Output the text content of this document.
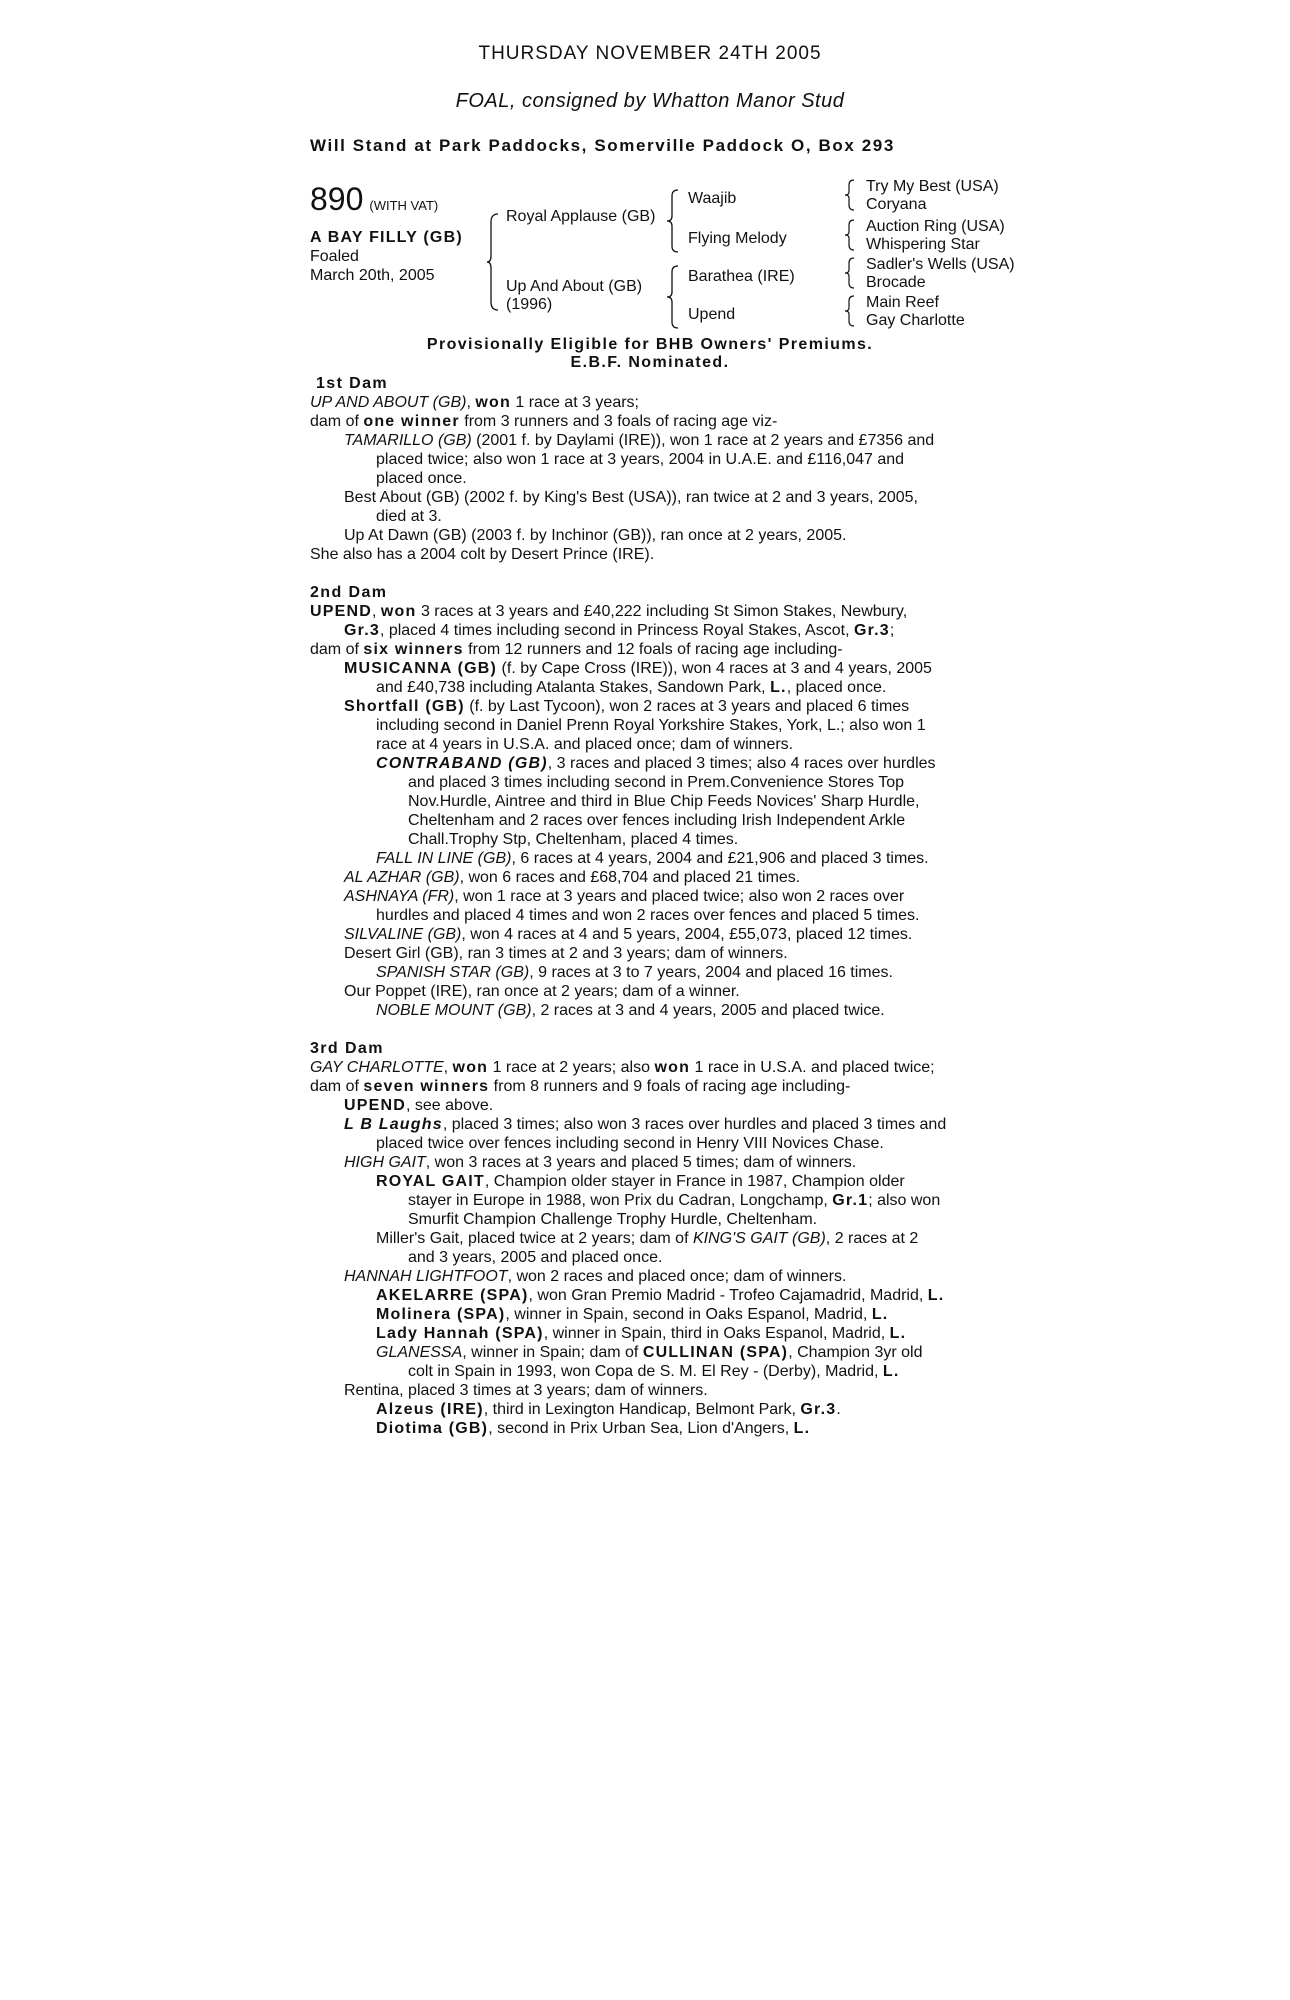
THURSDAY NOVEMBER 24TH 2005
FOAL, consigned by Whatton Manor Stud
Will Stand at Park Paddocks, Somerville Paddock O, Box 293
890 (WITH VAT)
A BAY FILLY (GB)
Foaled
March 20th, 2005
Royal Applause (GB)
Up And About (GB)
(1996)
Waajib
Flying Melody
Barathea (IRE)
Upend
Try My Best (USA)
Coryana
Auction Ring (USA)
Whispering Star
Sadler's Wells (USA)
Brocade
Main Reef
Gay Charlotte
Provisionally Eligible for BHB Owners' Premiums.
E.B.F. Nominated.
1st Dam
UP AND ABOUT (GB), won 1 race at 3 years;
dam of one winner from 3 runners and 3 foals of racing age viz-
TAMARILLO (GB) (2001 f. by Daylami (IRE)), won 1 race at 2 years and £7356 and
placed twice; also won 1 race at 3 years, 2004 in U.A.E. and £116,047 and
placed once.
Best About (GB) (2002 f. by King's Best (USA)), ran twice at 2 and 3 years, 2005,
died at 3.
Up At Dawn (GB) (2003 f. by Inchinor (GB)), ran once at 2 years, 2005.
She also has a 2004 colt by Desert Prince (IRE).
2nd Dam
UPEND, won 3 races at 3 years and £40,222 including St Simon Stakes, Newbury,
Gr.3, placed 4 times including second in Princess Royal Stakes, Ascot, Gr.3;
dam of six winners from 12 runners and 12 foals of racing age including-
MUSICANNA (GB) (f. by Cape Cross (IRE)), won 4 races at 3 and 4 years, 2005
and £40,738 including Atalanta Stakes, Sandown Park, L., placed once.
Shortfall (GB) (f. by Last Tycoon), won 2 races at 3 years and placed 6 times
including second in Daniel Prenn Royal Yorkshire Stakes, York, L.; also won 1
race at 4 years in U.S.A. and placed once; dam of winners.
CONTRABAND (GB), 3 races and placed 3 times; also 4 races over hurdles
and placed 3 times including second in Prem.Convenience Stores Top
Nov.Hurdle, Aintree and third in Blue Chip Feeds Novices' Sharp Hurdle,
Cheltenham and 2 races over fences including Irish Independent Arkle
Chall.Trophy Stp, Cheltenham, placed 4 times.
FALL IN LINE (GB), 6 races at 4 years, 2004 and £21,906 and placed 3 times.
AL AZHAR (GB), won 6 races and £68,704 and placed 21 times.
ASHNAYA (FR), won 1 race at 3 years and placed twice; also won 2 races over
hurdles and placed 4 times and won 2 races over fences and placed 5 times.
SILVALINE (GB), won 4 races at 4 and 5 years, 2004, £55,073, placed 12 times.
Desert Girl (GB), ran 3 times at 2 and 3 years; dam of winners.
SPANISH STAR (GB), 9 races at 3 to 7 years, 2004 and placed 16 times.
Our Poppet (IRE), ran once at 2 years; dam of a winner.
NOBLE MOUNT (GB), 2 races at 3 and 4 years, 2005 and placed twice.
3rd Dam
GAY CHARLOTTE, won 1 race at 2 years; also won 1 race in U.S.A. and placed twice;
dam of seven winners from 8 runners and 9 foals of racing age including-
UPEND, see above.
L B Laughs, placed 3 times; also won 3 races over hurdles and placed 3 times and
placed twice over fences including second in Henry VIII Novices Chase.
HIGH GAIT, won 3 races at 3 years and placed 5 times; dam of winners.
ROYAL GAIT, Champion older stayer in France in 1987, Champion older
stayer in Europe in 1988, won Prix du Cadran, Longchamp, Gr.1; also won
Smurfit Champion Challenge Trophy Hurdle, Cheltenham.
Miller's Gait, placed twice at 2 years; dam of KING'S GAIT (GB), 2 races at 2
and 3 years, 2005 and placed once.
HANNAH LIGHTFOOT, won 2 races and placed once; dam of winners.
AKELARRE (SPA), won Gran Premio Madrid - Trofeo Cajamadrid, Madrid, L.
Molinera (SPA), winner in Spain, second in Oaks Espanol, Madrid, L.
Lady Hannah (SPA), winner in Spain, third in Oaks Espanol, Madrid, L.
GLANESSA, winner in Spain; dam of CULLINAN (SPA), Champion 3yr old
colt in Spain in 1993, won Copa de S. M. El Rey - (Derby), Madrid, L.
Rentina, placed 3 times at 3 years; dam of winners.
Alzeus (IRE), third in Lexington Handicap, Belmont Park, Gr.3.
Diotima (GB), second in Prix Urban Sea, Lion d'Angers, L.
